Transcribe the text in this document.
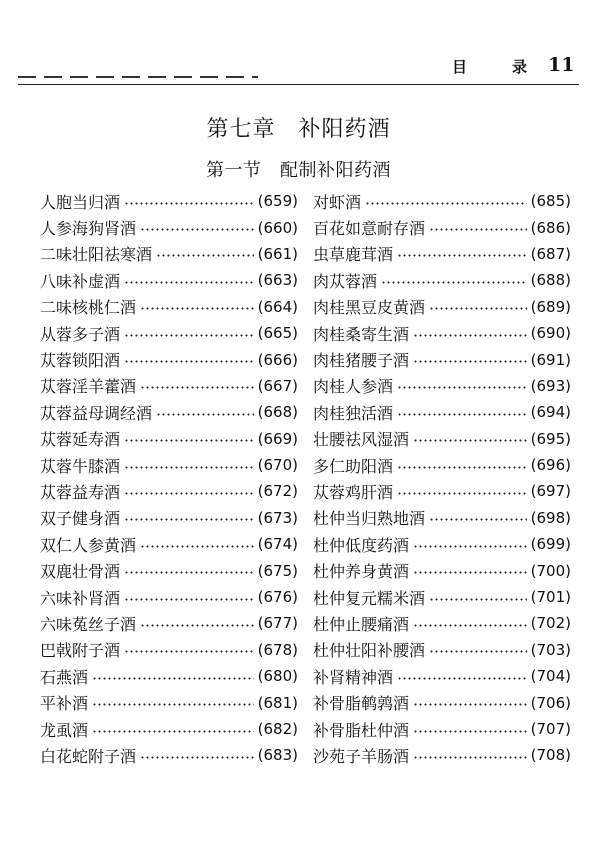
目	录 11
第七章　补阳药酒
第一节　配制补阳药酒
人胞当归酒	(659)
人参海狗肾酒	(660)
二味壮阳祛寒酒	(661)
八味补虚酒	(663)
二味核桃仁酒	(664)
从蓉多子酒	(665)
苁蓉锁阳酒	(666)
苁蓉淫羊藿酒	(667)
苁蓉益母调经酒	(668)
苁蓉延寿酒	(669)
苁蓉牛膝酒	(670)
苁蓉益寿酒	(672)
双子健身酒	(673)
双仁人参黄酒	(674)
双鹿壮骨酒	(675)
六味补肾酒	(676)
六味菟丝子酒	(677)
巴戟附子酒	(678)
石燕酒	(680)
平补酒	(681)
龙虱酒	(682)
白花蛇附子酒	(683)
对虾酒	(685)
百花如意耐存酒	(686)
虫草鹿茸酒	(687)
肉苁蓉酒	(688)
肉桂黑豆皮黄酒	(689)
肉桂桑寄生酒	(690)
肉桂猪腰子酒	(691)
肉桂人参酒	(693)
肉桂独活酒	(694)
壮腰祛风湿酒	(695)
多仁助阳酒	(696)
苁蓉鸡肝酒	(697)
杜仲当归熟地酒	(698)
杜仲低度药酒	(699)
杜仲养身黄酒	(700)
杜仲复元糯米酒	(701)
杜仲止腰痛酒	(702)
杜仲壮阳补腰酒	(703)
补肾精神酒	(704)
补骨脂鹌鹑酒	(706)
补骨脂杜仲酒	(707)
沙苑子羊肠酒	(708)
